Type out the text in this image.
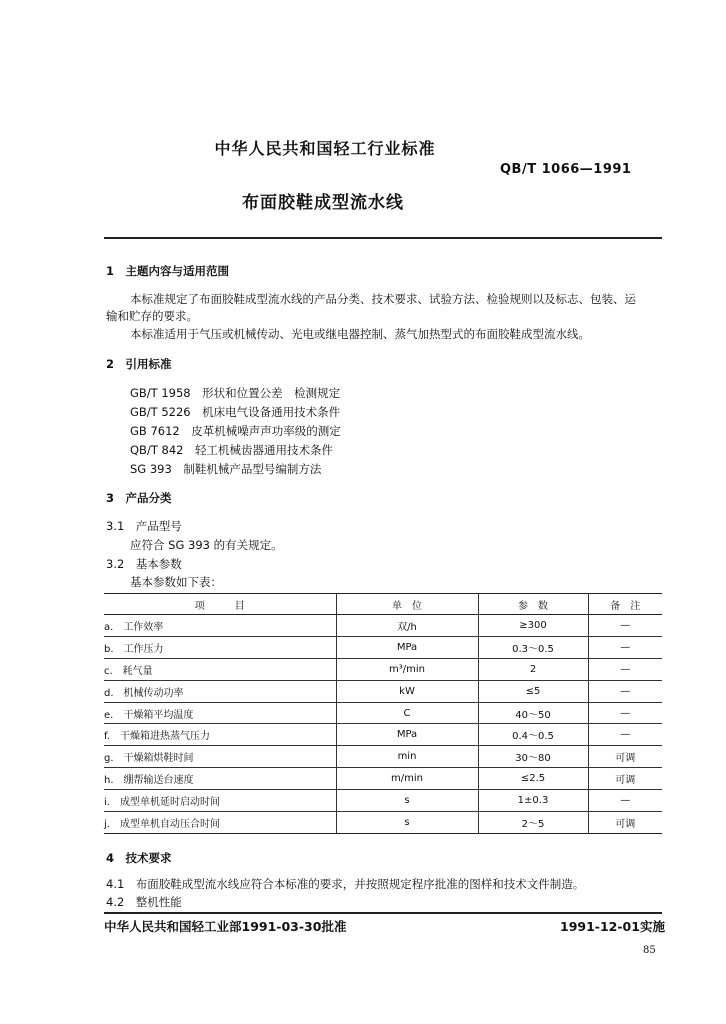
中华人民共和国轻工行业标准
QB/T 1066—1991
布面胶鞋成型流水线
1　主题内容与适用范围
本标准规定了布面胶鞋成型流水线的产品分类、技术要求、试验方法、检验规则以及标志、包装、运
输和贮存的要求。
本标准适用于气压或机械传动、光电或继电器控制、蒸气加热型式的布面胶鞋成型流水线。
2　引用标准
GB/T 1958　形状和位置公差　检测规定
GB/T 5226　机床电气设备通用技术条件
GB 7612　皮革机械噪声声功率级的测定
QB/T 842　轻工机械齿器通用技术条件
SG 393　制鞋机械产品型号编制方法
3　产品分类
3.1　产品型号
应符合 SG 393 的有关规定。
3.2　基本参数
基本参数如下表：
项　　　目	单　位	参　数	备　注
a.　工作效率	双/h	≥300	—
b.　工作压力	MPa	0.3～0.5	—
c.　耗气量	m³/min	2	—
d.　机械传动功率	kW	≤5	—
e.　干燥箱平均温度	C	40～50	—
f.　干燥箱进热蒸气压力	MPa	0.4～0.5	—
g.　干燥箱烘鞋时间	min	30～80	可调
h.　绷帮输送台速度	m/min	≤2.5	可调
i.　成型单机延时启动时间	s	1±0.3	—
j.　成型单机自动压合时间	s	2～5	可调
4　技术要求
4.1　布面胶鞋成型流水线应符合本标准的要求，并按照规定程序批准的图样和技术文件制造。
4.2　整机性能
中华人民共和国轻工业部1991-03-30批准	1991-12-01实施
85
